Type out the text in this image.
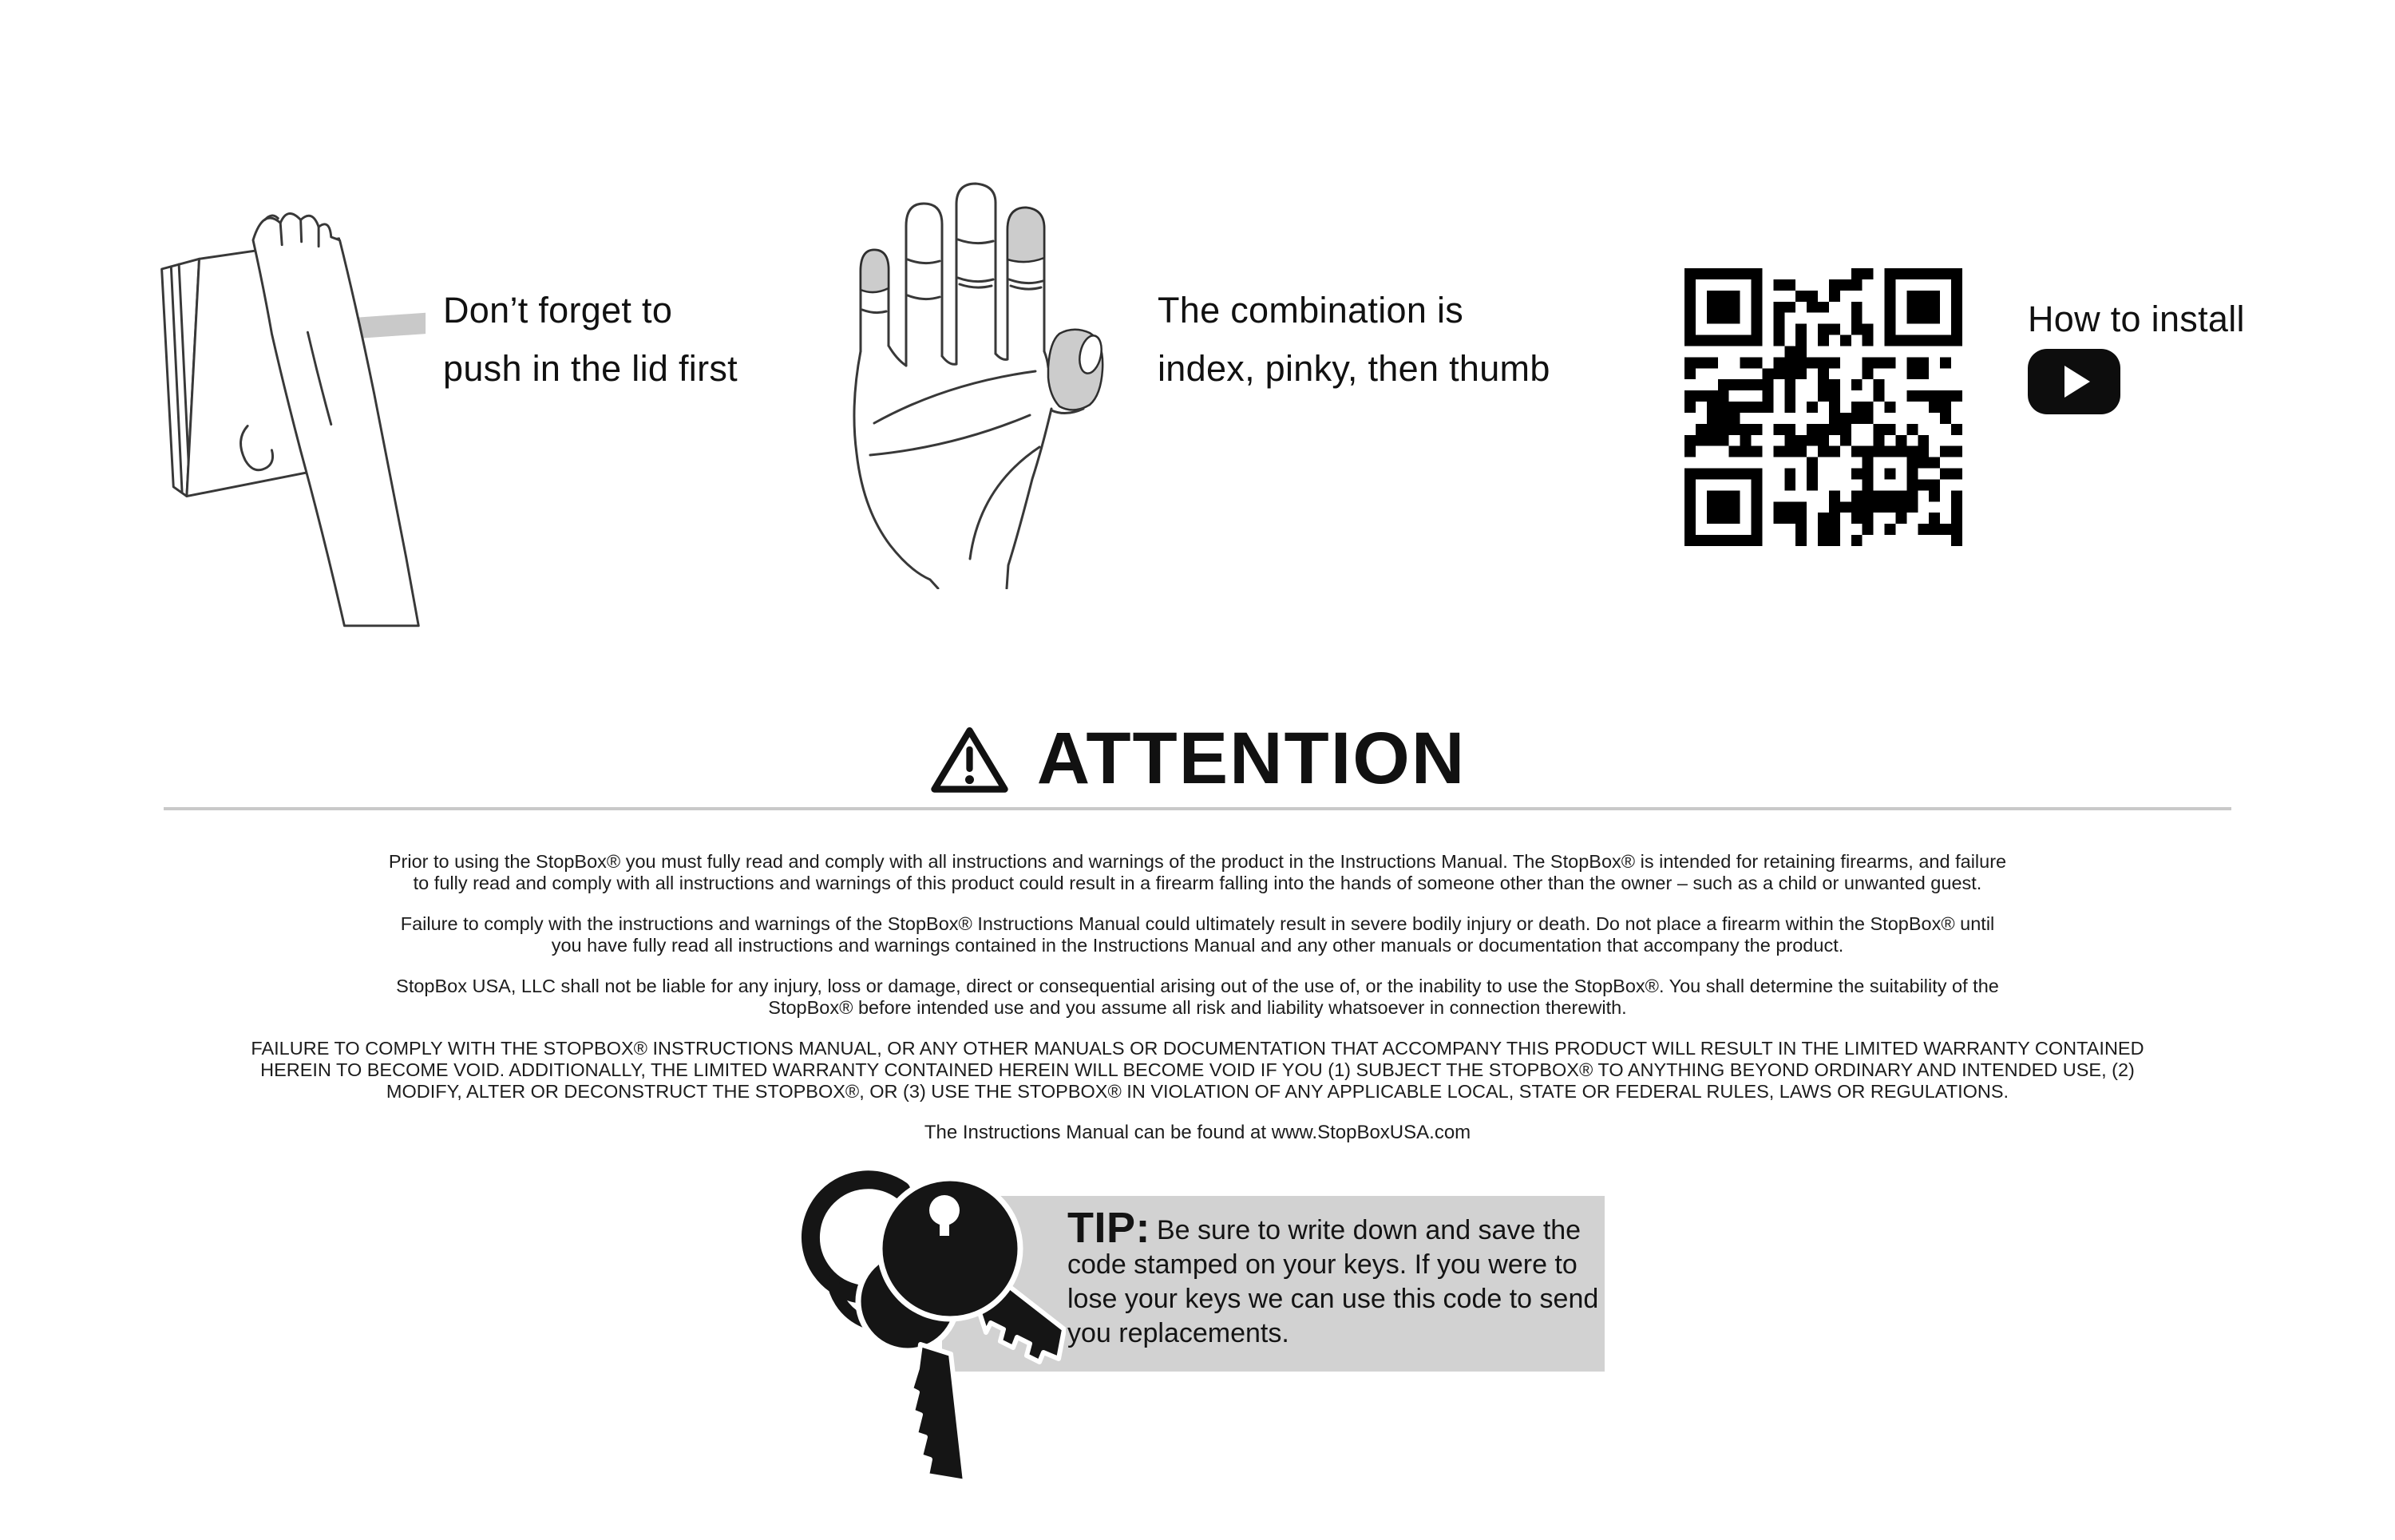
Don’t forget to
push in the lid first
The combination is
index, pinky, then thumb
How to install
ATTENTION

Prior to using the StopBox® you must fully read and comply with all instructions and warnings of the product in the Instructions Manual. The StopBox® is intended for retaining firearms, and failure
to fully read and comply with all instructions and warnings of this product could result in a firearm falling into the hands of someone other than the owner – such as a child or unwanted guest.

Failure to comply with the instructions and warnings of the StopBox® Instructions Manual could ultimately result in severe bodily injury or death. Do not place a firearm within the StopBox® until
you have fully read all instructions and warnings contained in the Instructions Manual and any other manuals or documentation that accompany the product.

StopBox USA, LLC shall not be liable for any injury, loss or damage, direct or consequential arising out of the use of, or the inability to use the StopBox®. You shall determine the suitability of the
StopBox® before intended use and you assume all risk and liability whatsoever in connection therewith.

FAILURE TO COMPLY WITH THE STOPBOX® INSTRUCTIONS MANUAL, OR ANY OTHER MANUALS OR DOCUMENTATION THAT ACCOMPANY THIS PRODUCT WILL RESULT IN THE LIMITED WARRANTY CONTAINED
HEREIN TO BECOME VOID. ADDITIONALLY, THE LIMITED WARRANTY CONTAINED HEREIN WILL BECOME VOID IF YOU (1) SUBJECT THE STOPBOX® TO ANYTHING BEYOND ORDINARY AND INTENDED USE, (2)
MODIFY, ALTER OR DECONSTRUCT THE STOPBOX®, OR (3) USE THE STOPBOX® IN VIOLATION OF ANY APPLICABLE LOCAL, STATE OR FEDERAL RULES, LAWS OR REGULATIONS.

The Instructions Manual can be found at www.StopBoxUSA.com
TIP: Be sure to write down and save the code stamped on your keys. If you were to lose your keys we can use this code to send you replacements.
